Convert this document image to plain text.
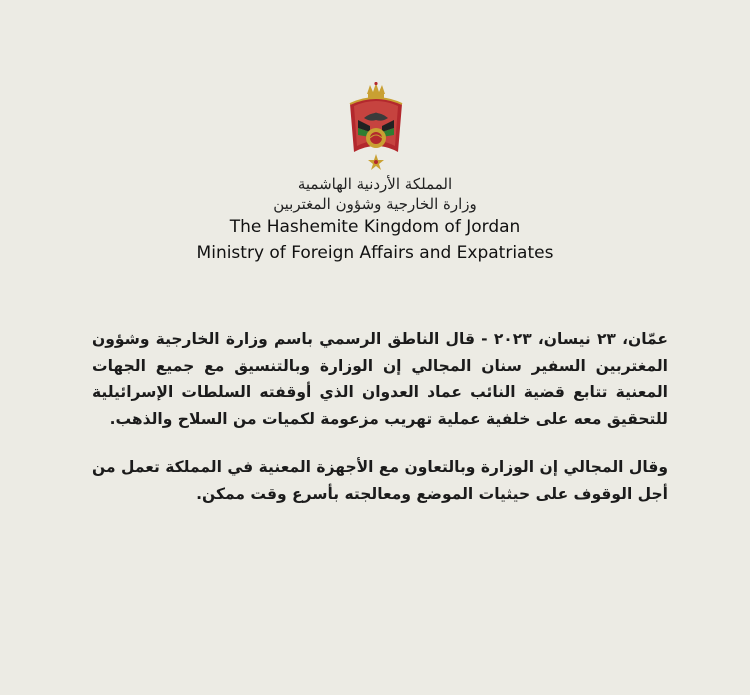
المملكة الأردنية الهاشمية
وزارة الخارجية وشؤون المغتربين
The Hashemite Kingdom of Jordan
Ministry of Foreign Affairs and Expatriates

عمّان، ٢٣ نيسان، ٢٠٢٣ - قال الناطق الرسمي باسم وزارة الخارجية وشؤون المغتربين السفير سنان المجالي إن الوزارة وبالتنسيق مع جميع الجهات المعنية تتابع قضية النائب عماد العدوان الذي أوقفته السلطات الإسرائيلية للتحقيق معه على خلفية عملية تهريب مزعومة لكميات من السلاح والذهب.

وقال المجالي إن الوزارة وبالتعاون مع الأجهزة المعنية في المملكة تعمل من أجل الوقوف على حيثيات الموضع ومعالجته بأسرع وقت ممكن.
